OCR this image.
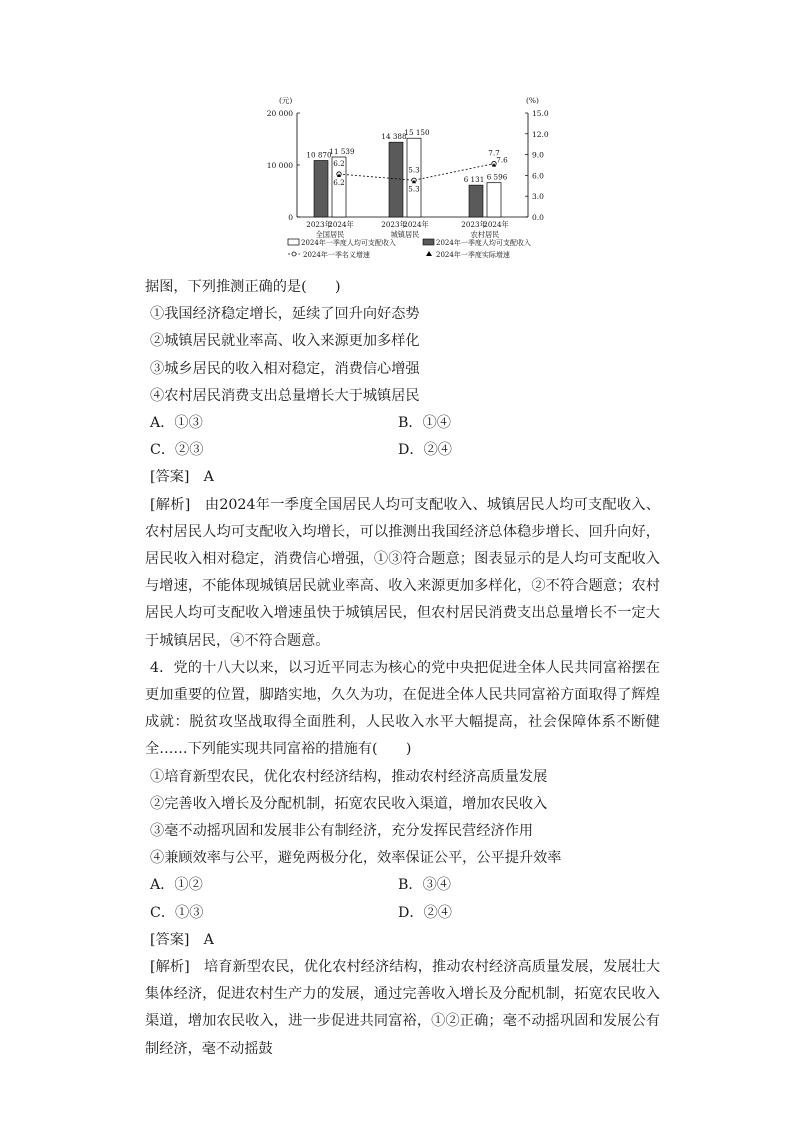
(元)	(%)
20 000
10 000
0
15.0
12.0
9.0
6.0
3.0
0.0
10 870
11 539
2023年
2024年
全国居民
14 388
15 150
2023年
2024年
城镇居民
6 131 6 596
2023年
2024年
农村居民
6.2
6.2
5.3
5.3
7.7
7.6
2024年一季度人均可支配收入	2024年一季度人均可支配收入
2024年一季名义增速	2024年一季度实际增速

据图，下列推测正确的是(　　)

①我国经济稳定增长，延续了回升向好态势

②城镇居民就业率高、收入来源更加多样化

③城乡居民的收入相对稳定，消费信心增强

④农村居民消费支出总量增长大于城镇居民

A．①③	B．①④
C．②③	D．②④

[答案]　A

[解析]　由2024年一季度全国居民人均可支配收入、城镇居民人均可支配收入、农村居民人均可支配收入均增长，可以推测出我国经济总体稳步增长、回升向好，居民收入相对稳定，消费信心增强，①③符合题意；图表显示的是人均可支配收入与增速，不能体现城镇居民就业率高、收入来源更加多样化，②不符合题意；农村居民人均可支配收入增速虽快于城镇居民，但农村居民消费支出总量增长不一定大于城镇居民，④不符合题意。

4．党的十八大以来，以习近平同志为核心的党中央把促进全体人民共同富裕摆在更加重要的位置，脚踏实地，久久为功，在促进全体人民共同富裕方面取得了辉煌成就：脱贫攻坚战取得全面胜利，人民收入水平大幅提高，社会保障体系不断健全……下列能实现共同富裕的措施有(　　)

①培育新型农民，优化农村经济结构，推动农村经济高质量发展

②完善收入增长及分配机制，拓宽农民收入渠道，增加农民收入

③毫不动摇巩固和发展非公有制经济，充分发挥民营经济作用

④兼顾效率与公平，避免两极分化，效率保证公平，公平提升效率

A．①②	B．③④
C．①③	D．②④

[答案]　A

[解析]　培育新型农民，优化农村经济结构，推动农村经济高质量发展，发展壮大集体经济，促进农村生产力的发展，通过完善收入增长及分配机制，拓宽农民收入渠道，增加农民收入，进一步促进共同富裕，①②正确；毫不动摇巩固和发展公有制经济，毫不动摇鼓
